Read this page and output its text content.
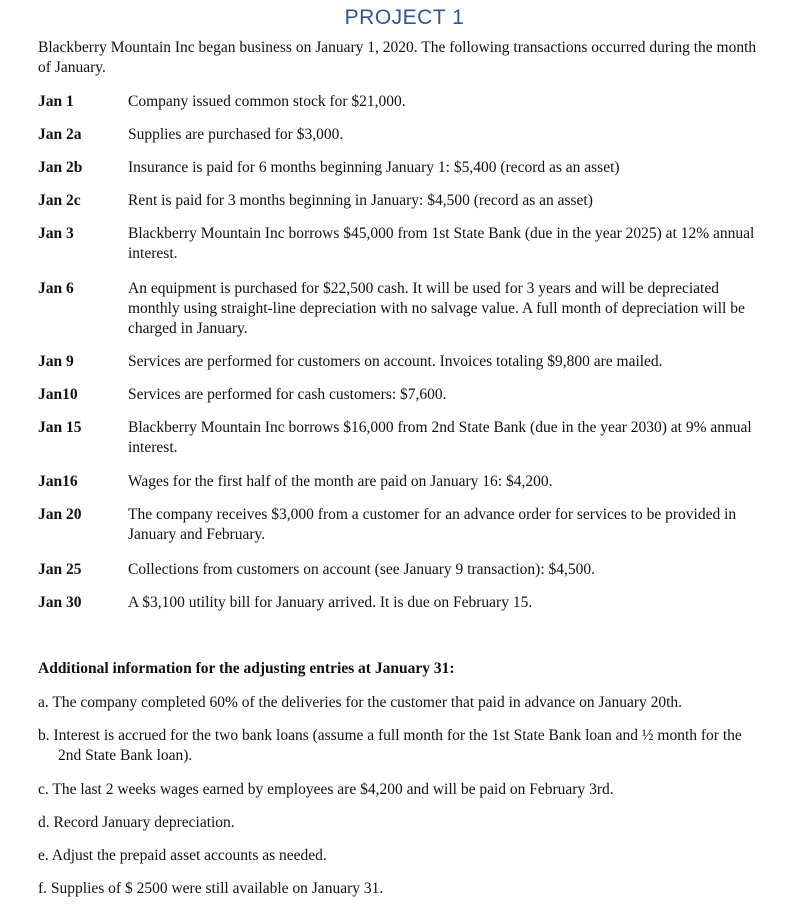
PROJECT 1
Blackberry Mountain Inc began business on January 1, 2020. The following transactions occurred during the month of January.
Jan 1	Company issued common stock for $21,000.
Jan 2a	Supplies are purchased for $3,000.
Jan 2b	Insurance is paid for 6 months beginning January 1: $5,400 (record as an asset)
Jan 2c	Rent is paid for 3 months beginning in January: $4,500 (record as an asset)
Jan 3	Blackberry Mountain Inc borrows $45,000 from 1st State Bank (due in the year 2025) at 12% annual interest.
Jan 6	An equipment is purchased for $22,500 cash. It will be used for 3 years and will be depreciated monthly using straight-line depreciation with no salvage value. A full month of depreciation will be charged in January.
Jan 9	Services are performed for customers on account. Invoices totaling $9,800 are mailed.
Jan10	Services are performed for cash customers: $7,600.
Jan 15	Blackberry Mountain Inc borrows $16,000 from 2nd State Bank (due in the year 2030) at 9% annual interest.
Jan16	Wages for the first half of the month are paid on January 16: $4,200.
Jan 20	The company receives $3,000 from a customer for an advance order for services to be provided in January and February.
Jan 25	Collections from customers on account (see January 9 transaction): $4,500.
Jan 30	A $3,100 utility bill for January arrived. It is due on February 15.
Additional information for the adjusting entries at January 31:
a. The company completed 60% of the deliveries for the customer that paid in advance on January 20th.
b. Interest is accrued for the two bank loans (assume a full month for the 1st State Bank loan and ½ month for the 2nd State Bank loan).
c. The last 2 weeks wages earned by employees are $4,200 and will be paid on February 3rd.
d. Record January depreciation.
e. Adjust the prepaid asset accounts as needed.
f. Supplies of $ 2500 were still available on January 31.
